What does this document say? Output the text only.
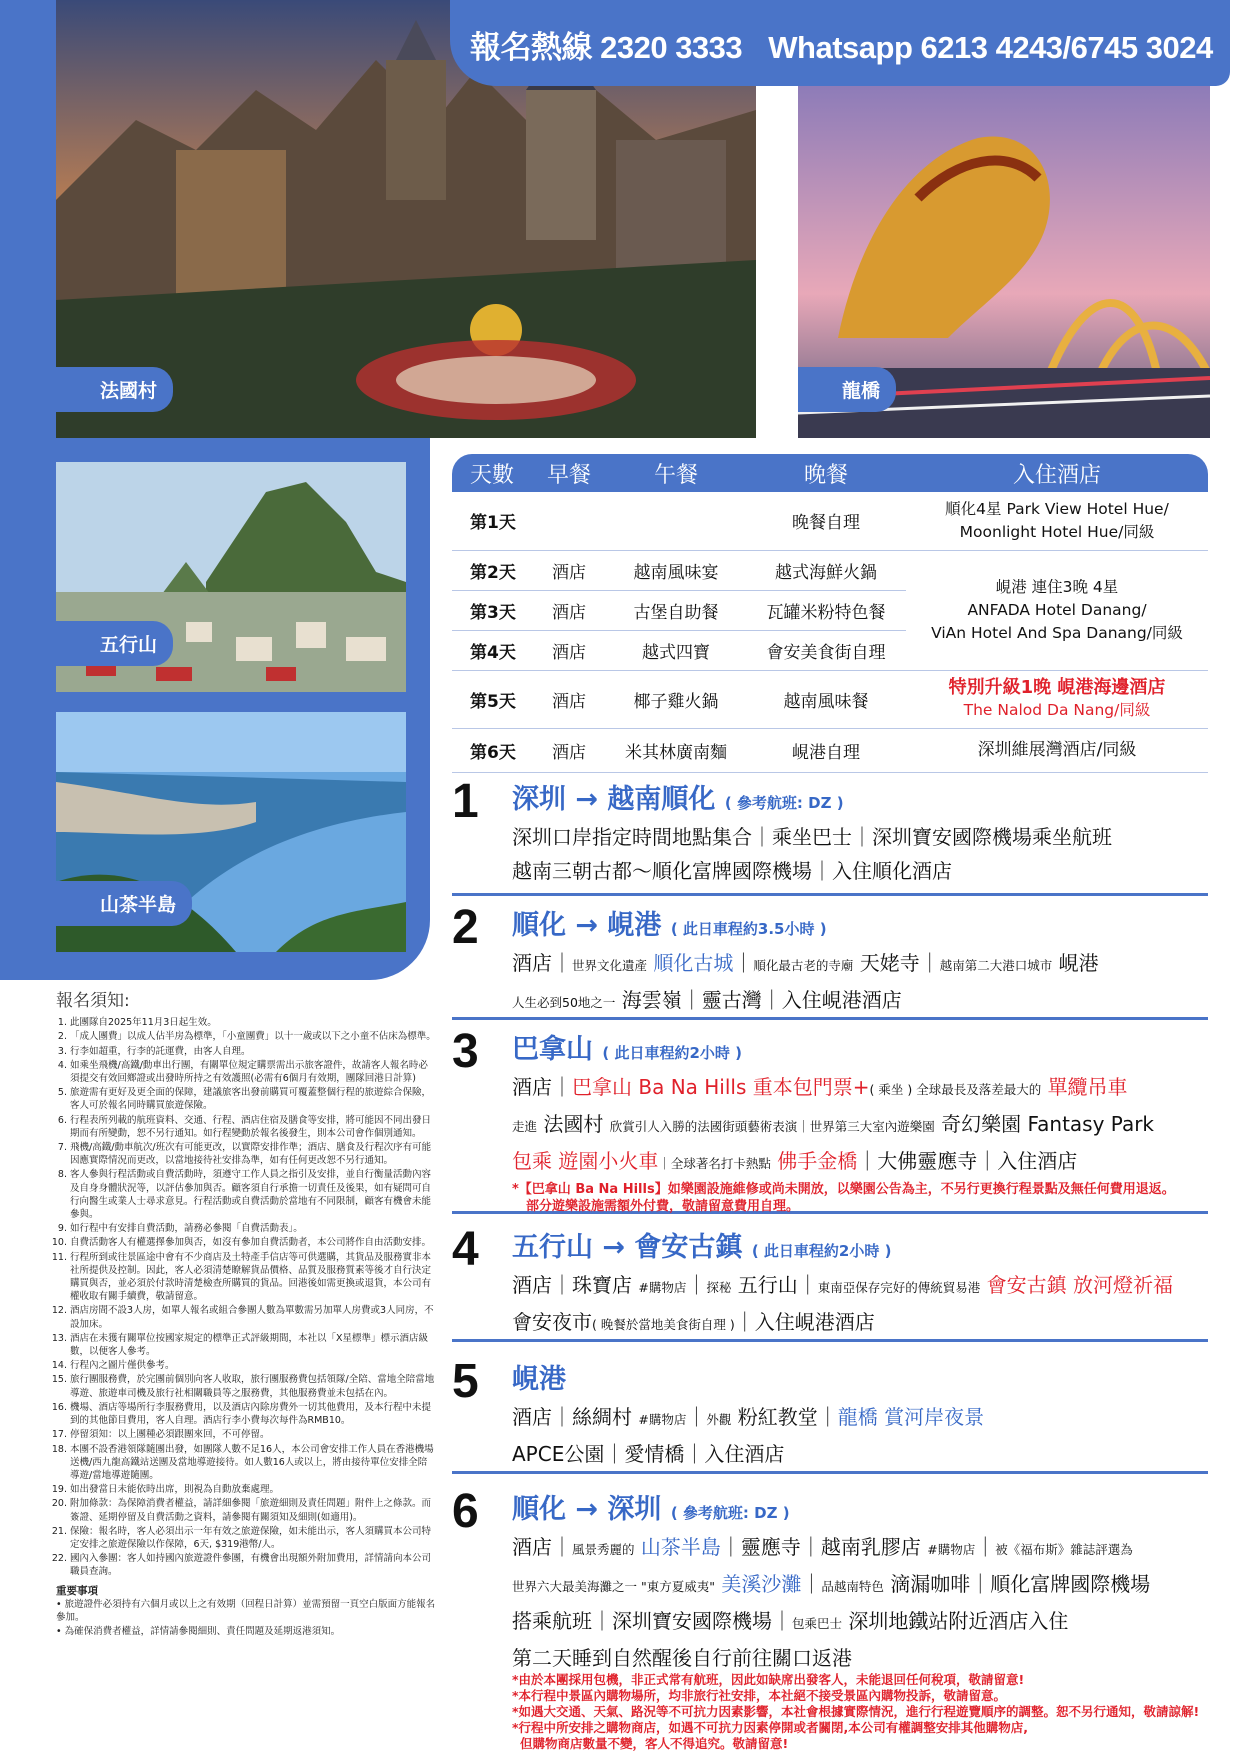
法國村	龍橋
五行山
山茶半島
報名熱線 2320 3333 Whatsapp 6213 4243/6745 3024
天數	早餐	午餐	晚餐	入住酒店
第1天			晚餐自理	順化4星 Park View Hotel Hue/
Moonlight Hotel Hue/同級

第2天	酒店	越南風味宴	越式海鮮火鍋	峴港 連住3晚 4星
ANFADA Hotel Danang/
ViAn Hotel And Spa Danang/同級

第3天	酒店	古堡自助餐	瓦罐米粉特色餐	
第4天	酒店	越式四寶	會安美食街自理	
第5天	酒店	椰子雞火鍋	越南風味餐	特別升級1晚 峴港海邊酒店
The Nalod Da Nang/同級

第6天	酒店	米其林廣南麵	峴港自理	深圳維展灣酒店/同級
1 深圳 → 越南順化 ( 參考航班: DZ )
深圳口岸指定時間地點集合｜乘坐巴士｜深圳寶安國際機場乘坐航班
越南三朝古都～順化富牌國際機場｜入住順化酒店
2 順化 → 峴港 ( 此日車程約3.5小時 )
酒店｜世界文化遺產 順化古城｜順化最古老的寺廟 天姥寺｜越南第二大港口城市 峴港
人生必到50地之一 海雲嶺｜靈古灣｜入住峴港酒店
3 巴拿山 ( 此日車程約2小時 )
酒店｜巴拿山 Ba Na Hills 重本包門票+( 乘坐 ) 全球最長及落差最大的 單纜吊車
走進 法國村 欣賞引人入勝的法國街頭藝術表演｜世界第三大室內遊樂園 奇幻樂園 Fantasy Park
包乘 遊園小火車｜全球著名打卡熱點 佛手金橋｜大佛靈應寺｜入住酒店
*【巴拿山 Ba Na Hills】如樂園設施維修或尚未開放，以樂園公告為主，不另行更換行程景點及無任何費用退返。
部分遊樂設施需額外付費，敬請留意費用自理。
4 五行山 → 會安古鎮 ( 此日車程約2小時 )
酒店｜珠寶店 #購物店｜探秘 五行山｜東南亞保存完好的傳統貿易港 會安古鎮 放河燈祈福
會安夜市( 晚餐於當地美食街自理 )｜入住峴港酒店
5 峴港
酒店｜絲綢村 #購物店｜外觀 粉紅教堂｜龍橋 賞河岸夜景
APCE公園｜愛情橋｜入住酒店
6 順化 → 深圳 ( 參考航班: DZ )
酒店｜風景秀麗的 山茶半島｜靈應寺｜越南乳膠店 #購物店｜被《福布斯》雜誌評選為
世界六大最美海灘之一 "東方夏威夷" 美溪沙灘｜品越南特色 滴漏咖啡｜順化富牌國際機場
搭乘航班｜深圳寶安國際機場｜包乘巴士 深圳地鐵站附近酒店入住
第二天睡到自然醒後自行前往關口返港
*由於本團採用包機，非正式常有航班，因此如缺席出發客人，未能退回任何稅項，敬請留意!
*本行程中景區內購物場所，均非旅行社安排，本社絕不接受景區內購物投訴，敬請留意。
*如遇大交通、天氣、路況等不可抗力因素影響，本社會根據實際情況，進行行程遊覽順序的調整。恕不另行通知，敬請諒解!
*行程中所安排之購物商店，如遇不可抗力因素停開或者關閉,本公司有權調整安排其他購物店,
但購物商店數量不變，客人不得追究。敬請留意!
報名須知:
1. 此團隊自2025年11月3日起生效。
2. 「成人團費」以成人佔半房為標準，「小童團費」以十一歲或以下之小童不佔床為標準。
3. 行李如超重，行李的託運費，由客人自理。
4. 如乘坐飛機/高鐵/動車出行團，有關單位規定購票需出示旅客證件，故請客人報名時必須提交有效回鄉證或出發時所持之有效護照(必需有6個月有效期，團隊回港日計算)
5. 旅遊需有更好及更全面的保障，建議旅客出發前購買可覆蓋整個行程的旅遊綜合保險，客人可於報名同時購買旅遊保險。
6. 行程表所列載的航班資料、交通、行程、酒店住宿及膳食等安排，將可能因不同出發日期而有所變動，恕不另行通知。如行程變動於報名後發生，則本公司會作個別通知。
7. 飛機/高鐵/動車航次/班次有可能更改，以實際安排作準；酒店、膳食及行程次序有可能因應實際情況而更改，以當地接待社安排為準，如有任何更改恕不另行通知。
8. 客人參與行程活動或自費活動時，須遵守工作人員之指引及安排，並自行衡量活動內容及自身身體狀況等，以評估參加與否。顧客須自行承擔一切責任及後果，如有疑問可自行向醫生或業人士尋求意見。行程活動或自費活動於當地有不同限制，顧客有機會未能參與。
9. 如行程中有安排自費活動，請務必參閱「自費活動表」。
10. 自費活動客人有權選擇參加與否，如沒有參加自費活動者，本公司將作自由活動安排。
11. 行程所到或往景區途中會有不少商店及土特產手信店等可供選購，其貨品及服務實非本社所提供及控制。因此，客人必須清楚瞭解貨品價格、品質及服務質素等後才自行決定購買與否，並必須於付款時清楚檢查所購買的貨品。回港後如需更換或退貨，本公司有權收取有關手續費，敬請留意。
12. 酒店房間不設3人房，如單人報名或組合參團人數為單數需另加單人房費或3人同房，不設加床。
13. 酒店在未獲有關單位按國家規定的標準正式評級期間，本社以「X星標準」標示酒店級數，以便客人參考。
14. 行程內之圖片僅供參考。
15. 旅行團服務費，於完團前個別向客人收取，旅行團服務費包括領隊/全陪、當地全陪當地導遊、旅遊車司機及旅行社相關職員等之服務費，其他服務費並未包括在內。
16. 機場、酒店等場所行李服務費用，以及酒店內除房費外一切其他費用，及本行程中未提到的其他節目費用，客人自理。酒店行李小費每次每件為RMB10。
17. 停留須知：以上團種必須跟團來回，不可停留。
18. 本團不設香港領隊隨團出發，如團隊人數不足16人，本公司會安排工作人員在香港機場送機/西九龍高鐵站送團及當地導遊接待。如人數16人或以上，將由接待單位安排全陪導遊/當地導遊隨團。
19. 如出發當日未能依時出席，則視為自動放棄處理。
20. 附加條款：為保障消費者權益，請詳細參閱「旅遊細則及責任問題」附件上之條款。而簽證、延期停留及自費活動之資料，請參閱有關須知及細則(如適用)。
21. 保險：報名時，客人必須出示一年有效之旅遊保險，如未能出示，客人須購買本公司特定安排之旅遊保險以作保障，6天, $319港幣/人。
22. 國內入參團：客人如持國內旅遊證件參團，有機會出現額外附加費用，詳情請向本公司職員查詢。
重要事項
• 旅遊證件必須持有六個月或以上之有效期（回程日計算）並需預留一頁空白版面方能報名參加。
• 為確保消費者權益，詳情請參閱細則、責任問題及延期返港須知。
